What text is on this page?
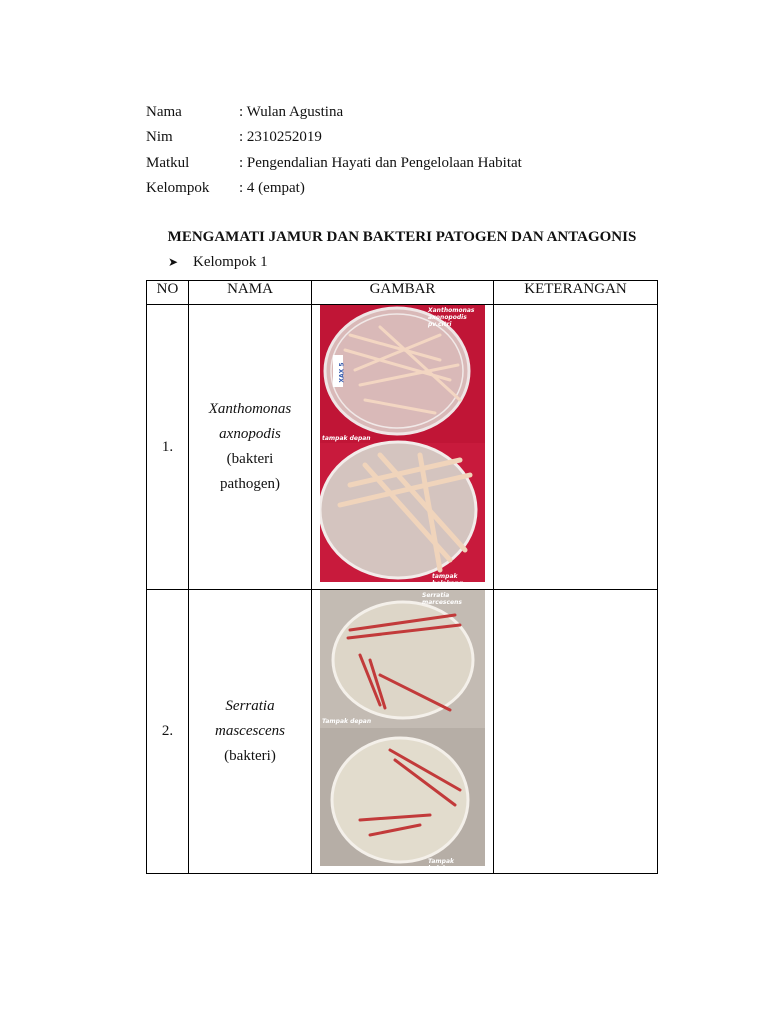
Nama	: Wulan Agustina
Nim	: 2310252019
Matkul	: Pengendalian Hayati dan Pengelolaan Habitat
Kelompok	: 4 (empat)
MENGAMATI JAMUR DAN BAKTERI PATOGEN DAN ANTAGONIS
➤ Kelompok 1
NO	NAMA	GAMBAR	KETERANGAN
1.	Xanthomonas
axnopodis
(bakteri
pathogen)	Xanthomonas axonopodis pv.citri
tampak depan
tampak belakang
XAX 5	

2.	Serratia
mascescens
(bakteri)	Serratia marcescens
Tampak depan
Tampak belakang	
